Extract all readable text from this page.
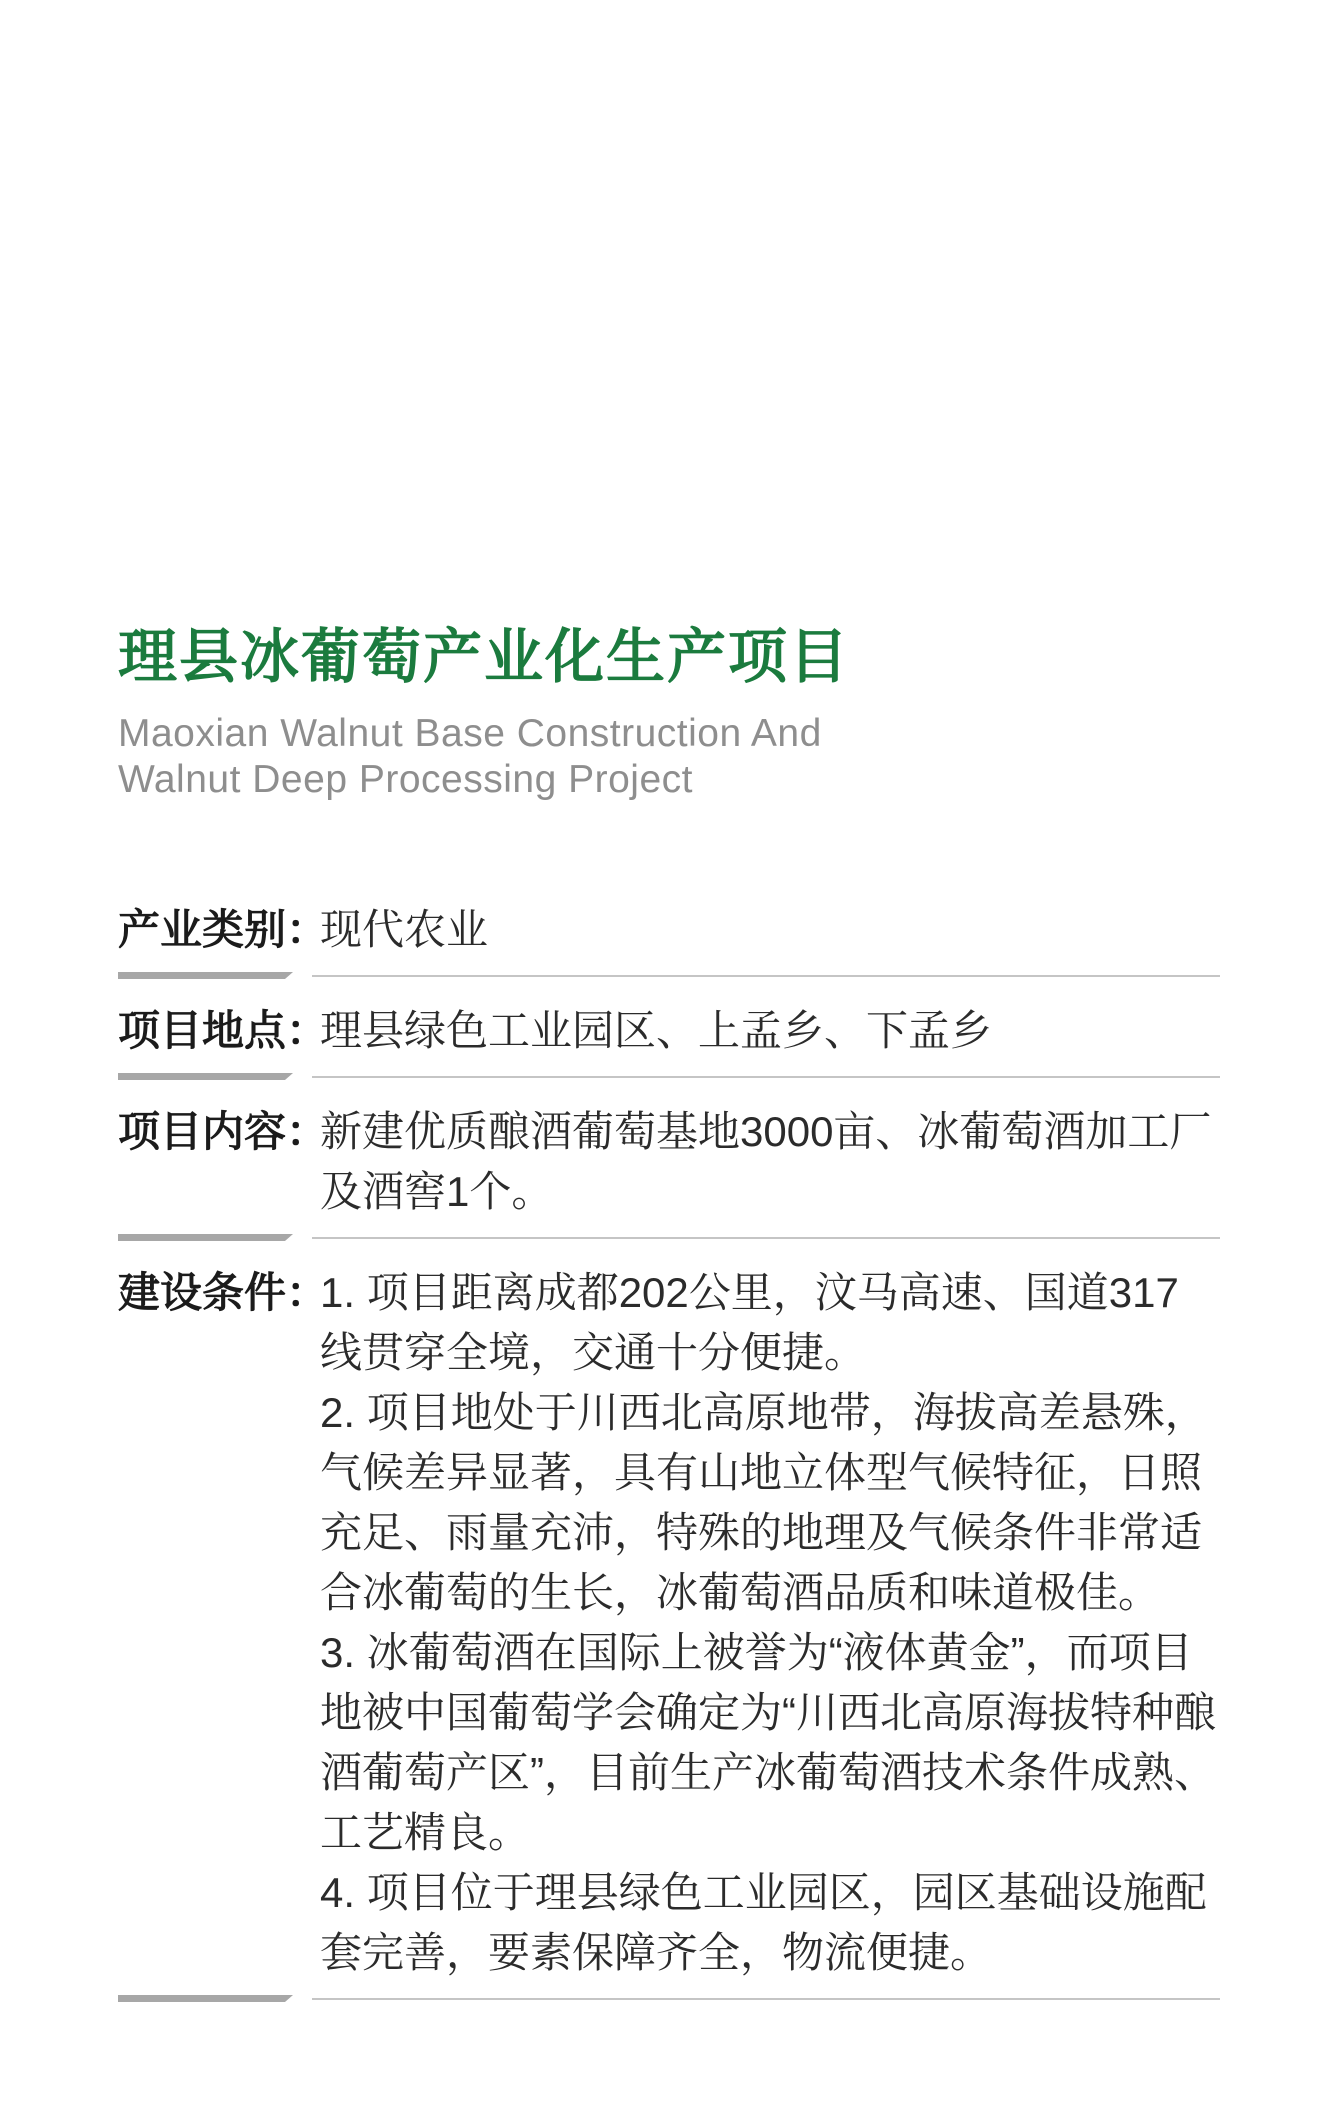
理县冰葡萄产业化生产项目
Maoxian Walnut Base Construction And
Walnut Deep Processing Project
产业类别：
现代农业
项目地点：
理县绿色工业园区、上孟乡、下孟乡
项目内容：
新建优质酿酒葡萄基地3000亩、冰葡萄酒加工厂及酒窖1个。
建设条件：

1. 项目距离成都202公里，汶马高速、国道317线贯穿全境，交通十分便捷。

2. 项目地处于川西北高原地带，海拔高差悬殊，气候差异显著，具有山地立体型气候特征，日照充足、雨量充沛，特殊的地理及气候条件非常适合冰葡萄的生长，冰葡萄酒品质和味道极佳。

3. 冰葡萄酒在国际上被誉为“液体黄金”，而项目地被中国葡萄学会确定为“川西北高原海拔特种酿酒葡萄产区”，目前生产冰葡萄酒技术条件成熟、工艺精良。

4. 项目位于理县绿色工业园区，园区基础设施配套完善，要素保障齐全，物流便捷。
